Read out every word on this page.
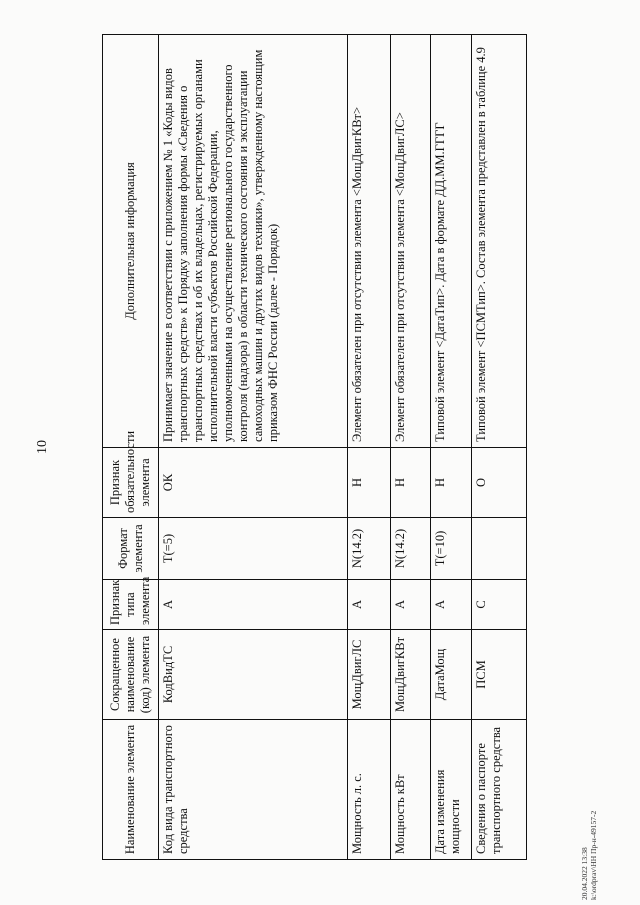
10
Наименование элемента	Сокращенное наименование (код) элемента	Признак типа элемента	Формат элемента	Признак обязательности элемента	Дополнительная информация
Код вида транспортного средства	КодВидТС	А	Т(=5)	ОК	Принимает значение в соответствии с приложением № 1 «Коды видов транспортных средств» к Порядку заполнения формы «Сведения о транспортных средствах и об их владельцах, регистрируемых органами исполнительной власти субъектов Российской Федерации, уполномоченными на осуществление регионального государственного контроля (надзора) в области технического состояния и эксплуатации самоходных машин и других видов техники», утвержденному настоящим приказом ФНС России (далее - Порядок)
Мощность л. с.	МощДвигЛС	А	N(14.2)	Н	Элемент обязателен при отсутствии элемента <МощДвигКВт>
Мощность кВт	МощДвигКВт	А	N(14.2)	Н	Элемент обязателен при отсутствии элемента <МощДвигЛС>
Дата изменения мощности	ДатаМощ	А	Т(=10)	Н	Типовой элемент <ДатаТип>. Дата в формате ДД.ММ.ГГГГ
Сведения о паспорте транспортного средства	ПСМ	С		О	Типовой элемент <ПСМТип>. Состав элемента представлен в таблице 4.9
20.04.2022 13:38 k:\ordprav\НН Пр-н-49157-2
